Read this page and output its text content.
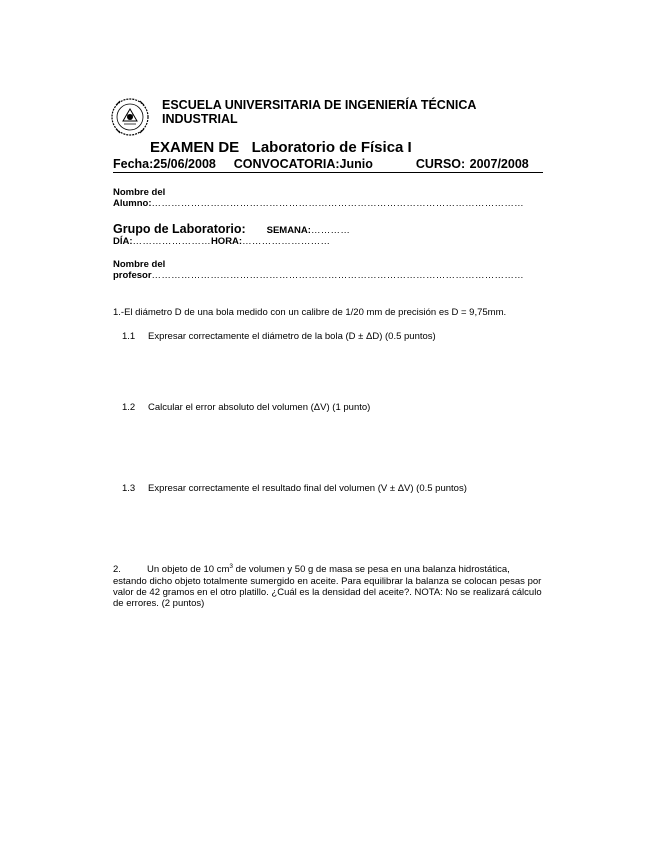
ESCUELA UNIVERSITARIA DE INGENIERÍA TÉCNICA
INDUSTRIAL
EXAMEN DE   Laboratorio de Física I
Fecha:25/06/2008 CONVOCATORIA:Junio	CURSO: 2007/2008
Nombre del
Alumno:……………………………………………………………………………………………………
Grupo de Laboratorio: SEMANA:…………
DÍA:……………………HORA:………………………
Nombre del
profesor……………………………………………………………………………………………………
1.-El diámetro D de una bola medido con un calibre de 1/20 mm de precisión es D = 9,75mm.
1.1 Expresar correctamente el diámetro de la bola (D ± ΔD) (0.5 puntos)
1.2 Calcular el error absoluto del volumen (ΔV) (1 punto)
1.3 Expresar correctamente el resultado final del volumen (V ± ΔV) (0.5 puntos)
2.	Un objeto de 10 $cm^3$ de volumen y 50 g de masa se pesa en una balanza hidrostática, estando dicho objeto totalmente sumergido en aceite. Para equilibrar la balanza se colocan pesas por valor de 42 gramos en el otro platillo. ¿Cuál es la densidad del aceite?. NOTA: No se realizará cálculo de errores. (2 puntos)
